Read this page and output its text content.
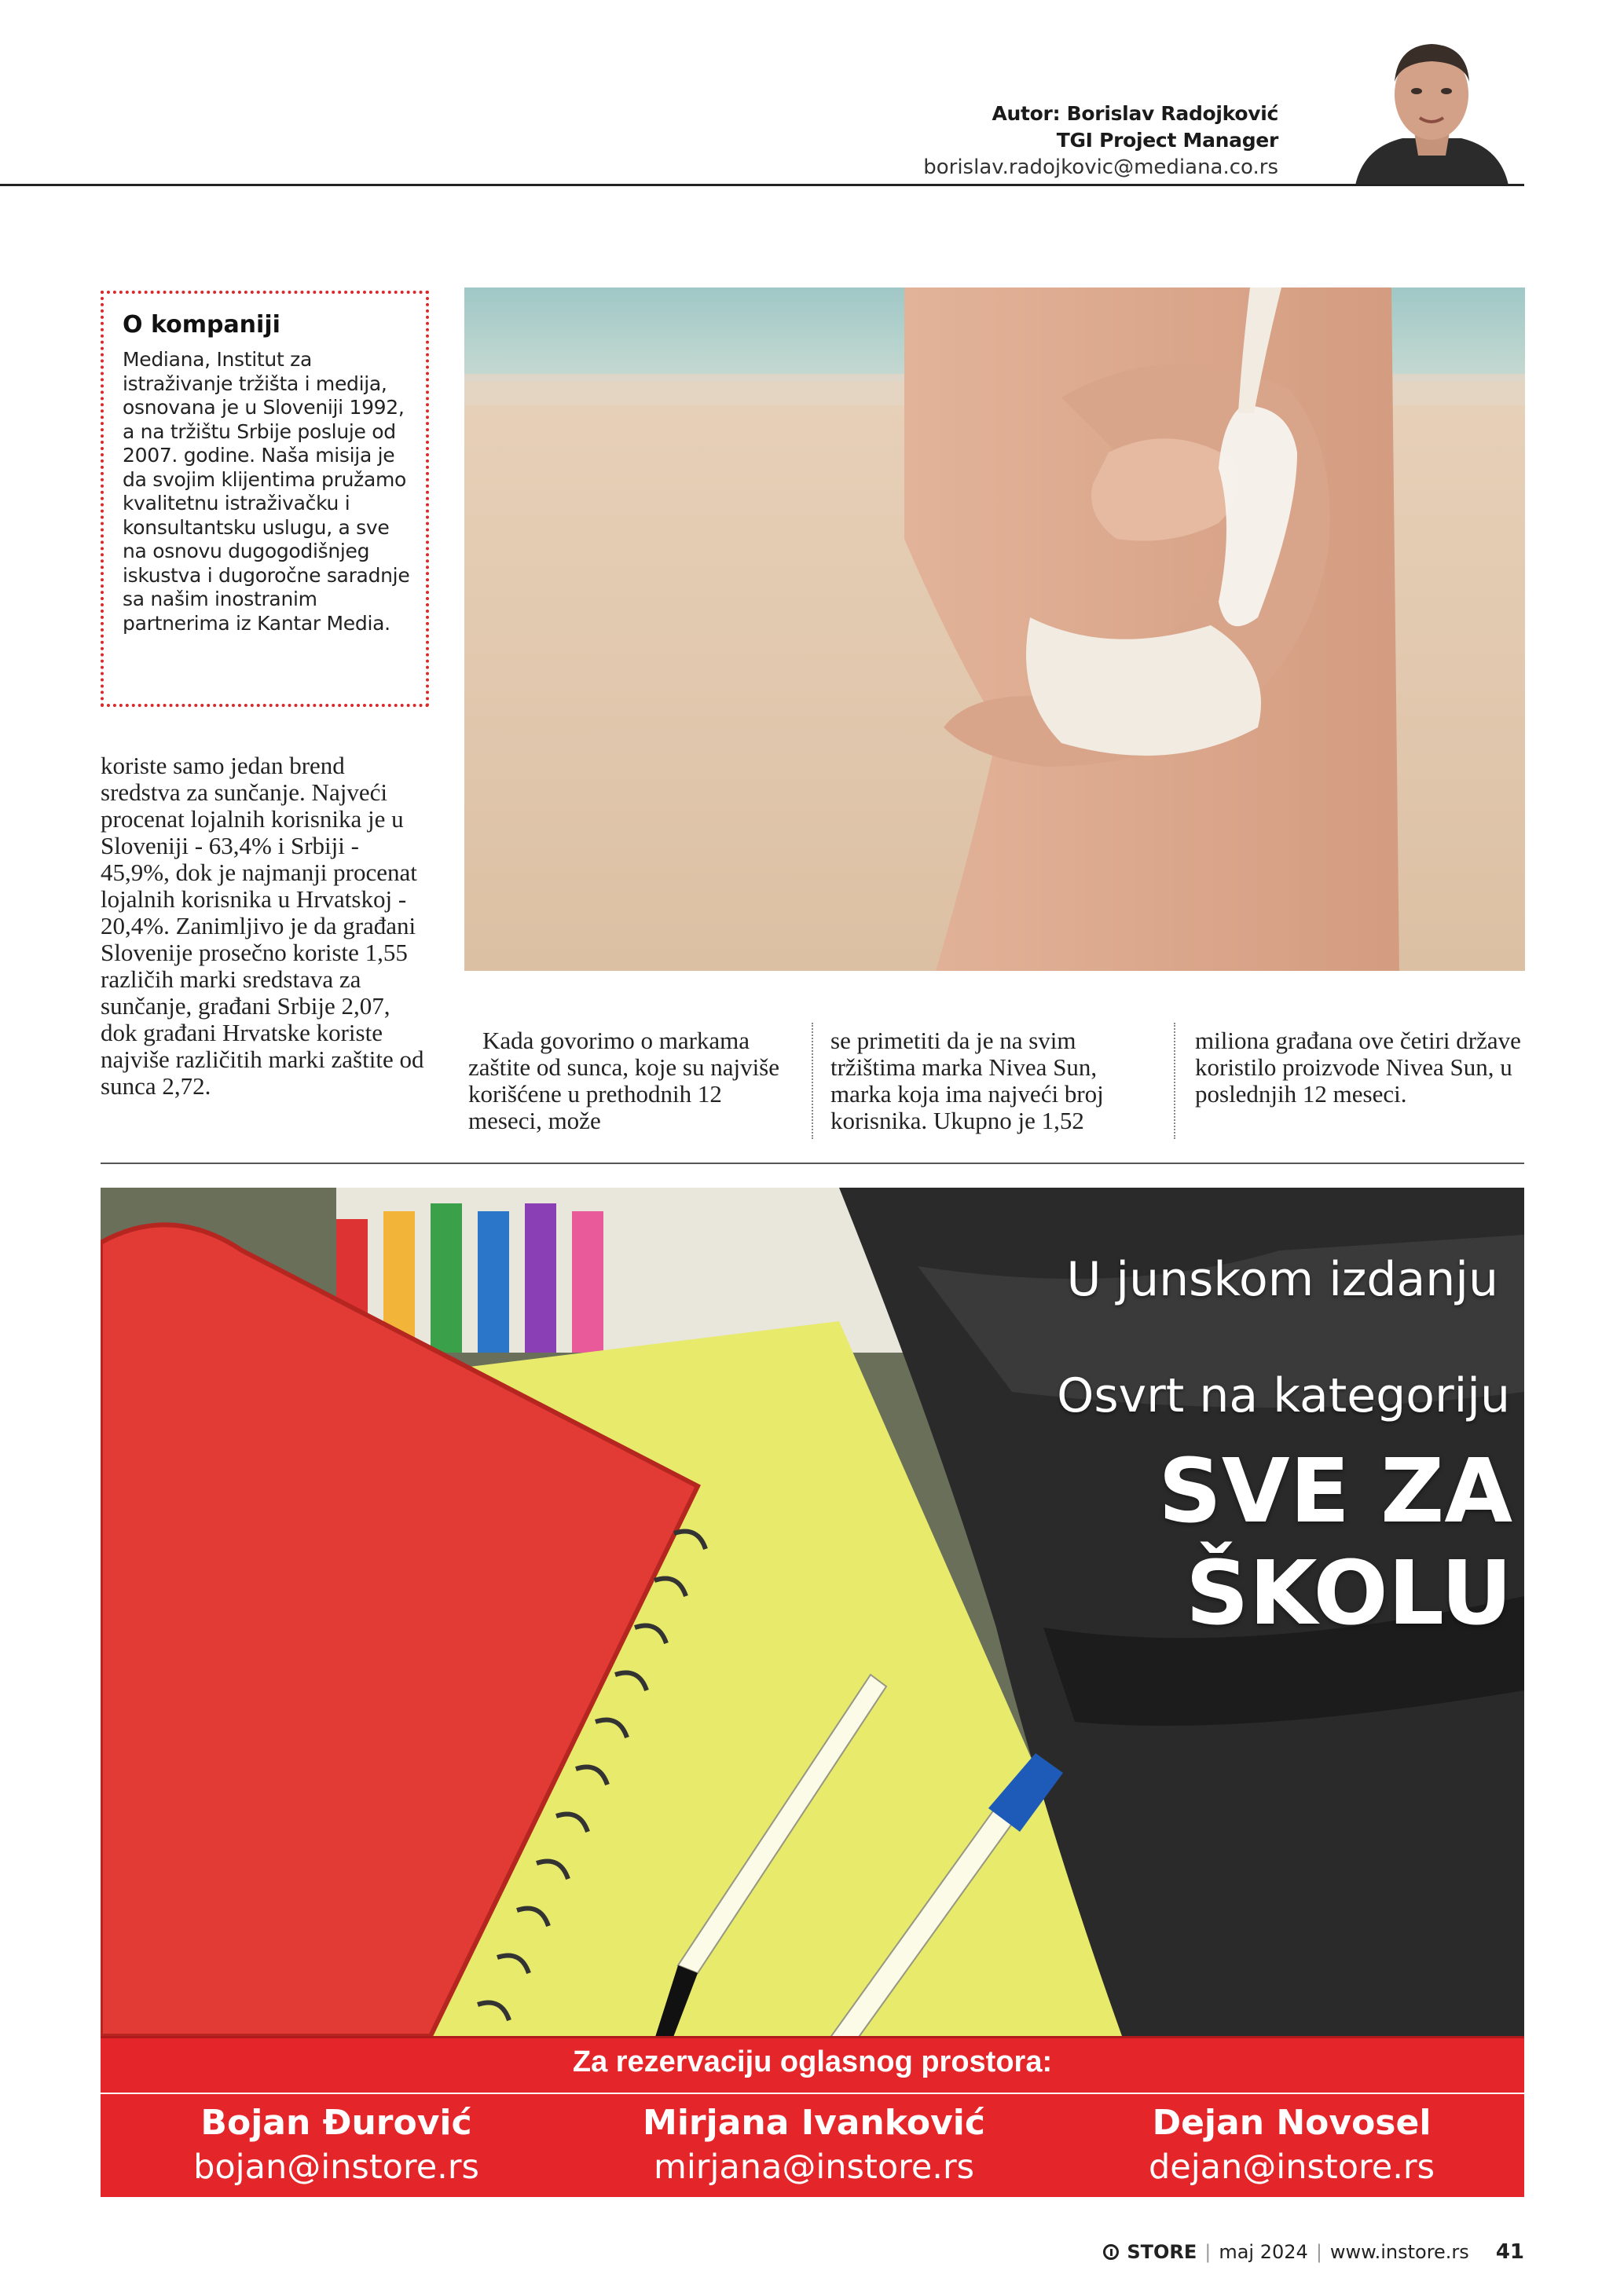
Autor: Borislav Radojković
TGI Project Manager
borislav.radojkovic@mediana.co.rs
O kompaniji

Mediana, Institut za istraživanje tržišta i medija, osnovana je u Sloveniji 1992, a na tržištu Srbije posluje od 2007. godine. Naša misija je da svojim klijentima pružamo kvalitetnu istraživačku i konsultantsku uslugu, a sve na osnovu dugogodišnjeg iskustva i dugoročne saradnje sa našim inostranim partnerima iz Kantar Media.

koriste samo jedan brend sredstva za sunčanje. Najveći procenat lojalnih korisnika je u Sloveniji - 63,4% i Srbiji - 45,9%, dok je najmanji procenat lojalnih korisnika u Hrvatskoj - 20,4%. Zanimljivo je da građani Slovenije prosečno koriste 1,55 različih marki sredstava za sunčanje, građani Srbije 2,07, dok građani Hrvatske koriste najviše različitih marki zaštite od sunca 2,72.

Kada govorimo o markama zaštite od sunca, koje su najviše korišćene u prethodnih 12 meseci, može

se primetiti da je na svim tržištima marka Nivea Sun, marka koja ima najveći broj korisnika. Ukupno je 1,52

miliona građana ove četiri države koristilo proizvode Nivea Sun, u poslednjih 12 meseci.

U junskom izdanju
Osvrt na kategoriju
SVE ZA
ŠKOLU
Za rezervaciju oglasnog prostora:
Bojan Đurović
bojan@instore.rs
Mirjana Ivanković
mirjana@instore.rs
Dejan Novosel
dejan@instore.rs
STORE | maj 2024 | www.instore.rs 41
